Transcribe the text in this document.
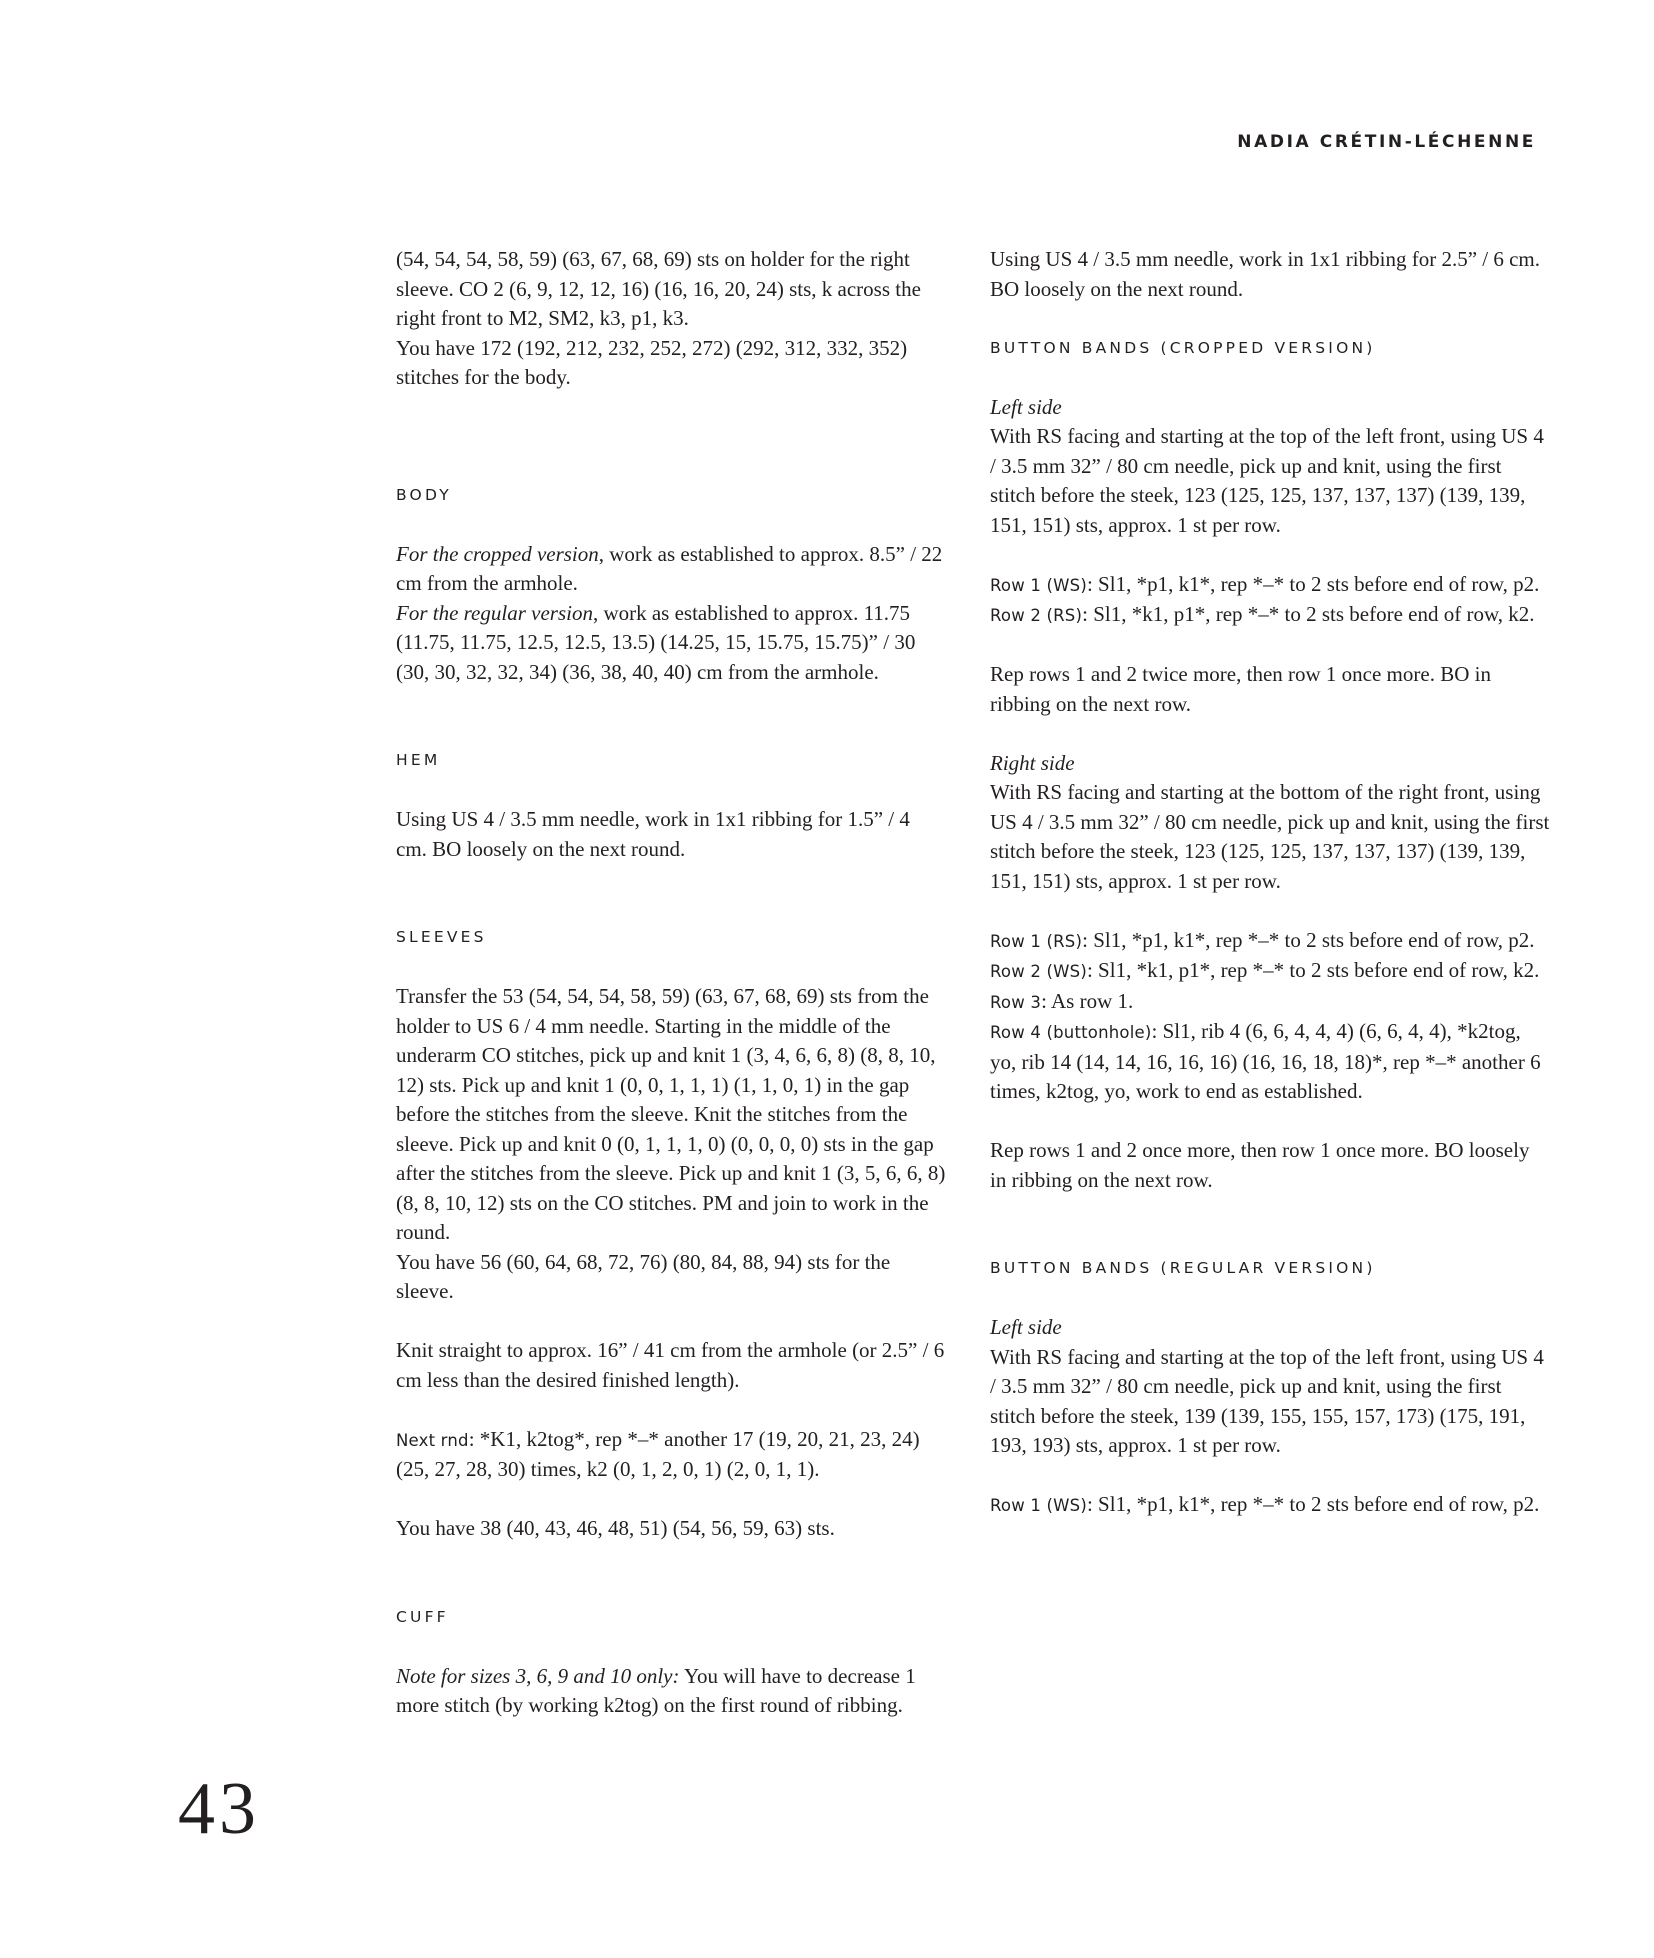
NADIA CRÉTIN-LÉCHENNE

(54, 54, 54, 58, 59) (63, 67, 68, 69) sts on holder for the right sleeve. CO 2 (6, 9, 12, 12, 16) (16, 16, 20, 24) sts, k across the right front to M2, SM2, k3, p1, k3.

You have 172 (192, 212, 232, 252, 272) (292, 312, 332, 352) stitches for the body.

BODY

For the cropped version, work as established to approx. 8.5” / 22 cm from the armhole.

For the regular version, work as established to approx. 11.75 (11.75, 11.75, 12.5, 12.5, 13.5) (14.25, 15, 15.75, 15.75)” / 30 (30, 30, 32, 32, 34) (36, 38, 40, 40) cm from the armhole.

HEM

Using US 4 / 3.5 mm needle, work in 1x1 ribbing for 1.5” / 4 cm. BO loosely on the next round.

SLEEVES

Transfer the 53 (54, 54, 54, 58, 59) (63, 67, 68, 69) sts from the holder to US 6 / 4 mm needle. Starting in the middle of the underarm CO stitches, pick up and knit 1 (3, 4, 6, 6, 8) (8, 8, 10, 12) sts. Pick up and knit 1 (0, 0, 1, 1, 1) (1, 1, 0, 1) in the gap before the stitches from the sleeve. Knit the stitches from the sleeve. Pick up and knit 0 (0, 1, 1, 1, 0) (0, 0, 0, 0) sts in the gap after the stitches from the sleeve. Pick up and knit 1 (3, 5, 6, 6, 8) (8, 8, 10, 12) sts on the CO stitches. PM and join to work in the round.

You have 56 (60, 64, 68, 72, 76) (80, 84, 88, 94) sts for the sleeve.

Knit straight to approx. 16” / 41 cm from the armhole (or 2.5” / 6 cm less than the desired finished length).

Next rnd: *K1, k2tog*, rep *–* another 17 (19, 20, 21, 23, 24) (25, 27, 28, 30) times, k2 (0, 1, 2, 0, 1) (2, 0, 1, 1).

You have 38 (40, 43, 46, 48, 51) (54, 56, 59, 63) sts.

CUFF

Note for sizes 3, 6, 9 and 10 only: You will have to decrease 1 more stitch (by working k2tog) on the first round of ribbing.

Using US 4 / 3.5 mm needle, work in 1x1 ribbing for 2.5” / 6 cm. BO loosely on the next round.

BUTTON BANDS (CROPPED VERSION)

Left side

With RS facing and starting at the top of the left front, using US 4 / 3.5 mm 32” / 80 cm needle, pick up and knit, using the first stitch before the steek, 123 (125, 125, 137, 137, 137) (139, 139, 151, 151) sts, approx. 1 st per row.

Row 1 (WS): Sl1, *p1, k1*, rep *–* to 2 sts before end of row, p2.

Row 2 (RS): Sl1, *k1, p1*, rep *–* to 2 sts before end of row, k2.

Rep rows 1 and 2 twice more, then row 1 once more. BO in ribbing on the next row.

Right side

With RS facing and starting at the bottom of the right front, using US 4 / 3.5 mm 32” / 80 cm needle, pick up and knit, using the first stitch before the steek, 123 (125, 125, 137, 137, 137) (139, 139, 151, 151) sts, approx. 1 st per row.

Row 1 (RS): Sl1, *p1, k1*, rep *–* to 2 sts before end of row, p2.

Row 2 (WS): Sl1, *k1, p1*, rep *–* to 2 sts before end of row, k2.

Row 3: As row 1.

Row 4 (buttonhole): Sl1, rib 4 (6, 6, 4, 4, 4) (6, 6, 4, 4), *k2tog, yo, rib 14 (14, 14, 16, 16, 16) (16, 16, 18, 18)*, rep *–* another 6 times, k2tog, yo, work to end as established.

Rep rows 1 and 2 once more, then row 1 once more. BO loosely in ribbing on the next row.

BUTTON BANDS (REGULAR VERSION)

Left side

With RS facing and starting at the top of the left front, using US 4 / 3.5 mm 32” / 80 cm needle, pick up and knit, using the first stitch before the steek, 139 (139, 155, 155, 157, 173) (175, 191, 193, 193) sts, approx. 1 st per row.

Row 1 (WS): Sl1, *p1, k1*, rep *–* to 2 sts before end of row, p2.

43
